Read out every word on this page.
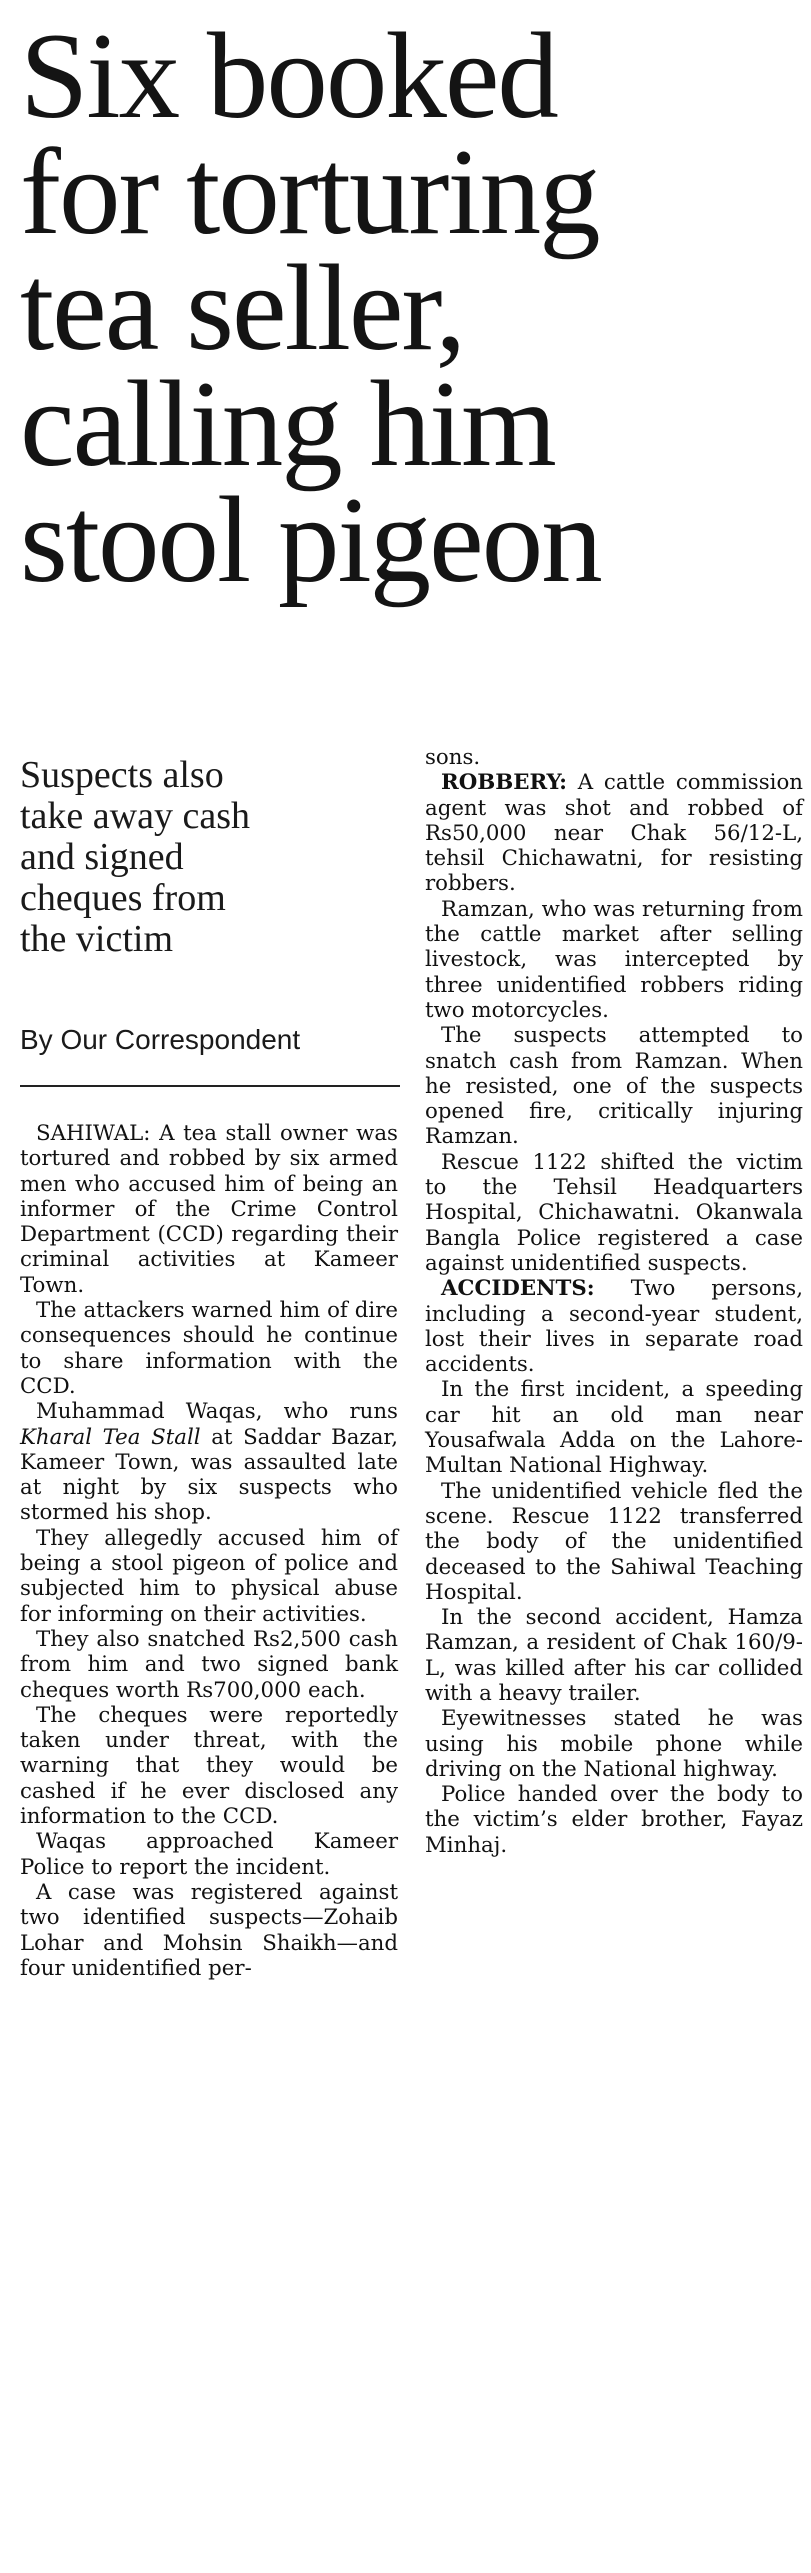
Six booked
for torturing
tea seller,
calling him
stool pigeon
Suspects also
take away cash
and signed
cheques from
the victim
By Our Correspondent

SAHIWAL: A tea stall owner was tortured and robbed by six armed men who accused him of being an informer of the Crime Control Department (CCD) regarding their criminal activities at Kameer Town.

The attackers warned him of dire consequences should he continue to share information with the CCD.

Muhammad Waqas, who runs Kharal Tea Stall at Saddar Bazar, Kameer Town, was assaulted late at night by six suspects who stormed his shop.

They allegedly accused him of being a stool pigeon of police and subjected him to physical abuse for informing on their activities.

They also snatched Rs2,500 cash from him and two signed bank cheques worth Rs700,000 each.

The cheques were reportedly taken under threat, with the warning that they would be cashed if he ever disclosed any information to the CCD.

Waqas approached Kameer Police to report the incident.

A case was registered against two identified suspects—Zohaib Lohar and Mohsin Shaikh—and four unidentified per-

sons.

ROBBERY: A cattle commission agent was shot and robbed of Rs50,000 near Chak 56/12-L, tehsil Chichawatni, for resisting robbers.

Ramzan, who was returning from the cattle market after selling livestock, was intercepted by three unidentified robbers riding two motorcycles.

The suspects attempted to snatch cash from Ramzan. When he resisted, one of the suspects opened fire, critically injuring Ramzan.

Rescue 1122 shifted the victim to the Tehsil Headquarters Hospital, Chichawatni. Okanwala Bangla Police registered a case against unidentified suspects.

ACCIDENTS: Two persons, including a second-year student, lost their lives in separate road accidents.

In the first incident, a speeding car hit an old man near Yousafwala Adda on the Lahore-Multan National Highway.

The unidentified vehicle fled the scene. Rescue 1122 transferred the body of the unidentified deceased to the Sahiwal Teaching Hospital.

In the second accident, Hamza Ramzan, a resident of Chak 160/9-L, was killed after his car collided with a heavy trailer.

Eyewitnesses stated he was using his mobile phone while driving on the National highway.

Police handed over the body to the victim’s elder brother, Fayaz Minhaj.
